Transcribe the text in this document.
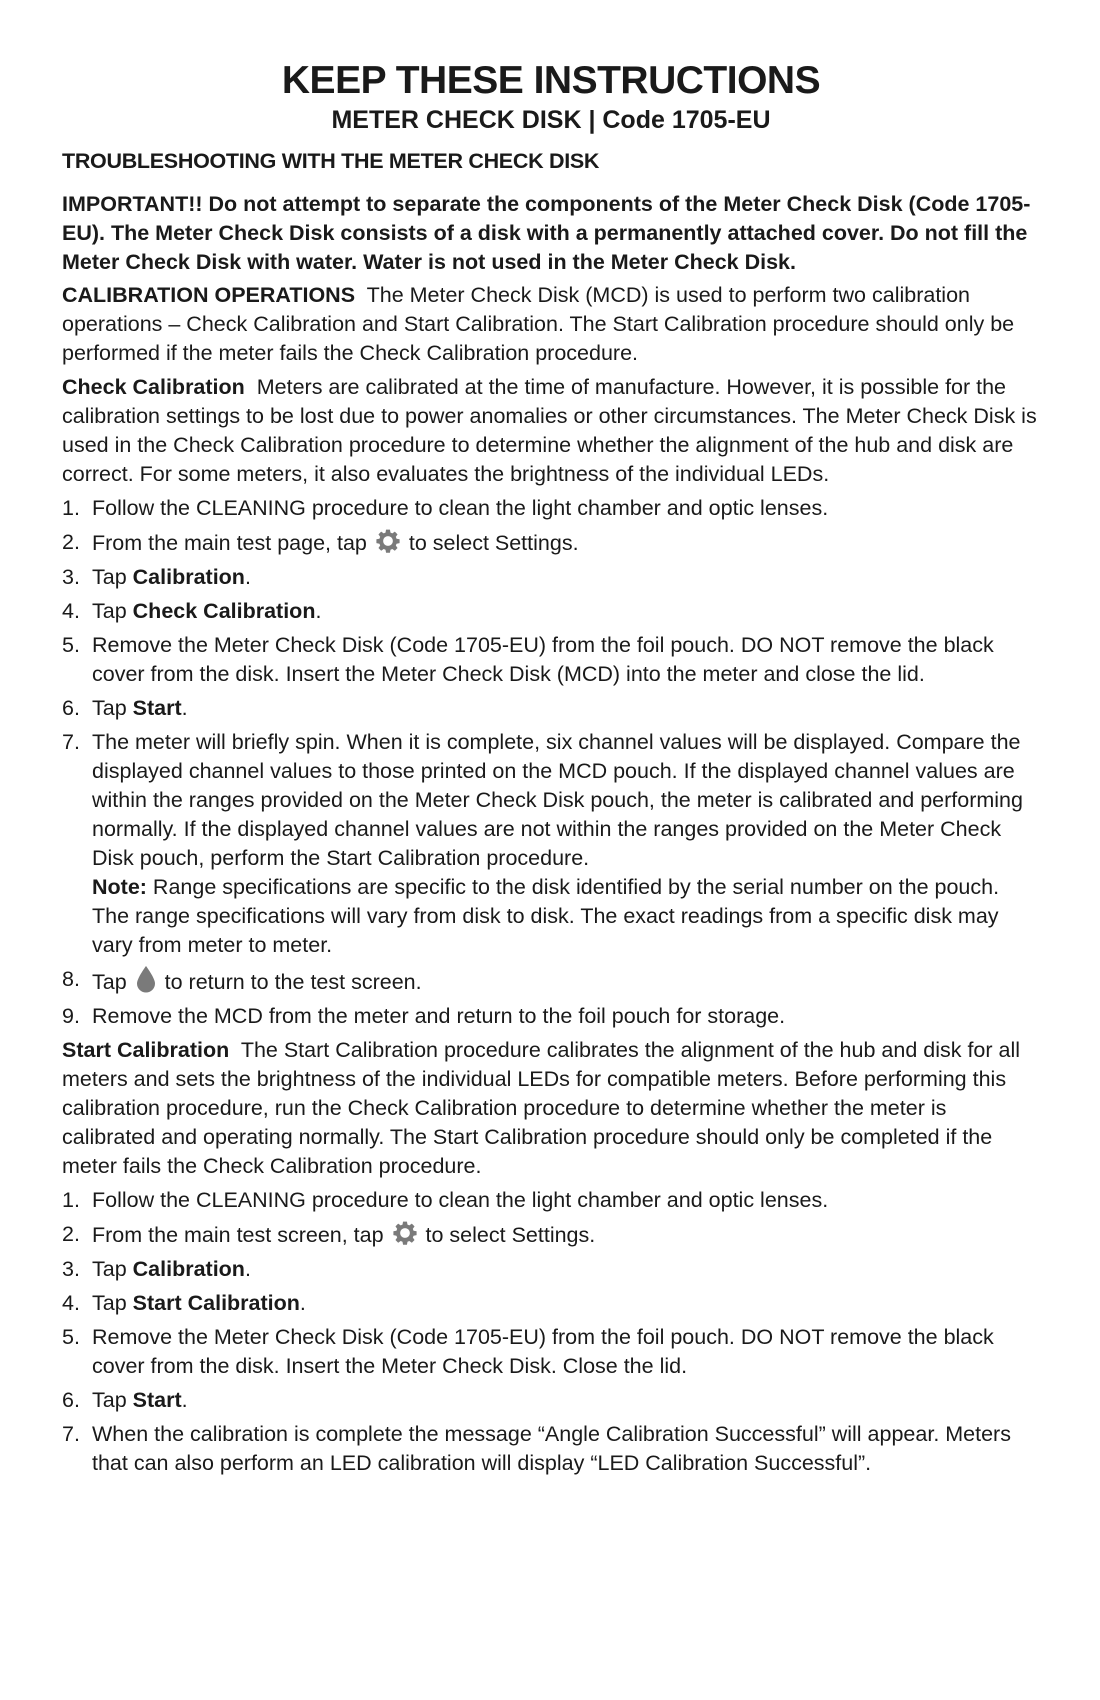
KEEP THESE INSTRUCTIONS
METER CHECK DISK | Code 1705-EU
TROUBLESHOOTING WITH THE METER CHECK DISK

IMPORTANT!! Do not attempt to separate the components of the Meter Check Disk (Code 1705- EU). The Meter Check Disk consists of a disk with a permanently attached cover. Do not fill the Meter Check Disk with water. Water is not used in the Meter Check Disk.

CALIBRATION OPERATIONS The Meter Check Disk (MCD) is used to perform two calibration operations – Check Calibration and Start Calibration. The Start Calibration procedure should only be performed if the meter fails the Check Calibration procedure.

Check Calibration Meters are calibrated at the time of manufacture. However, it is possible for the calibration settings to be lost due to power anomalies or other circumstances. The Meter Check Disk is used in the Check Calibration procedure to determine whether the alignment of the hub and disk are correct. For some meters, it also evaluates the brightness of the individual LEDs.

1. Follow the CLEANING procedure to clean the light chamber and optic lenses.
2. From the main test page, tap to select Settings.
3. Tap Calibration.
4. Tap Check Calibration.
5. Remove the Meter Check Disk (Code 1705-EU) from the foil pouch. DO NOT remove the black cover from the disk. Insert the Meter Check Disk (MCD) into the meter and close the lid.
6. Tap Start.
7. The meter will briefly spin. When it is complete, six channel values will be displayed. Compare the displayed channel values to those printed on the MCD pouch. If the displayed channel values are within the ranges provided on the Meter Check Disk pouch, the meter is calibrated and performing normally. If the displayed channel values are not within the ranges provided on the Meter Check Disk pouch, perform the Start Calibration procedure.
Note: Range specifications are specific to the disk identified by the serial number on the pouch. The range specifications will vary from disk to disk. The exact readings from a specific disk may vary from meter to meter.
8. Tap to return to the test screen.
9. Remove the MCD from the meter and return to the foil pouch for storage.

Start Calibration The Start Calibration procedure calibrates the alignment of the hub and disk for all meters and sets the brightness of the individual LEDs for compatible meters. Before performing this calibration procedure, run the Check Calibration procedure to determine whether the meter is calibrated and operating normally. The Start Calibration procedure should only be completed if the meter fails the Check Calibration procedure.

1. Follow the CLEANING procedure to clean the light chamber and optic lenses.
2. From the main test screen, tap to select Settings.
3. Tap Calibration.
4. Tap Start Calibration.
5. Remove the Meter Check Disk (Code 1705-EU) from the foil pouch. DO NOT remove the black cover from the disk. Insert the Meter Check Disk. Close the lid.
6. Tap Start.
7. When the calibration is complete the message “Angle Calibration Successful” will appear. Meters that can also perform an LED calibration will display “LED Calibration Successful”.
